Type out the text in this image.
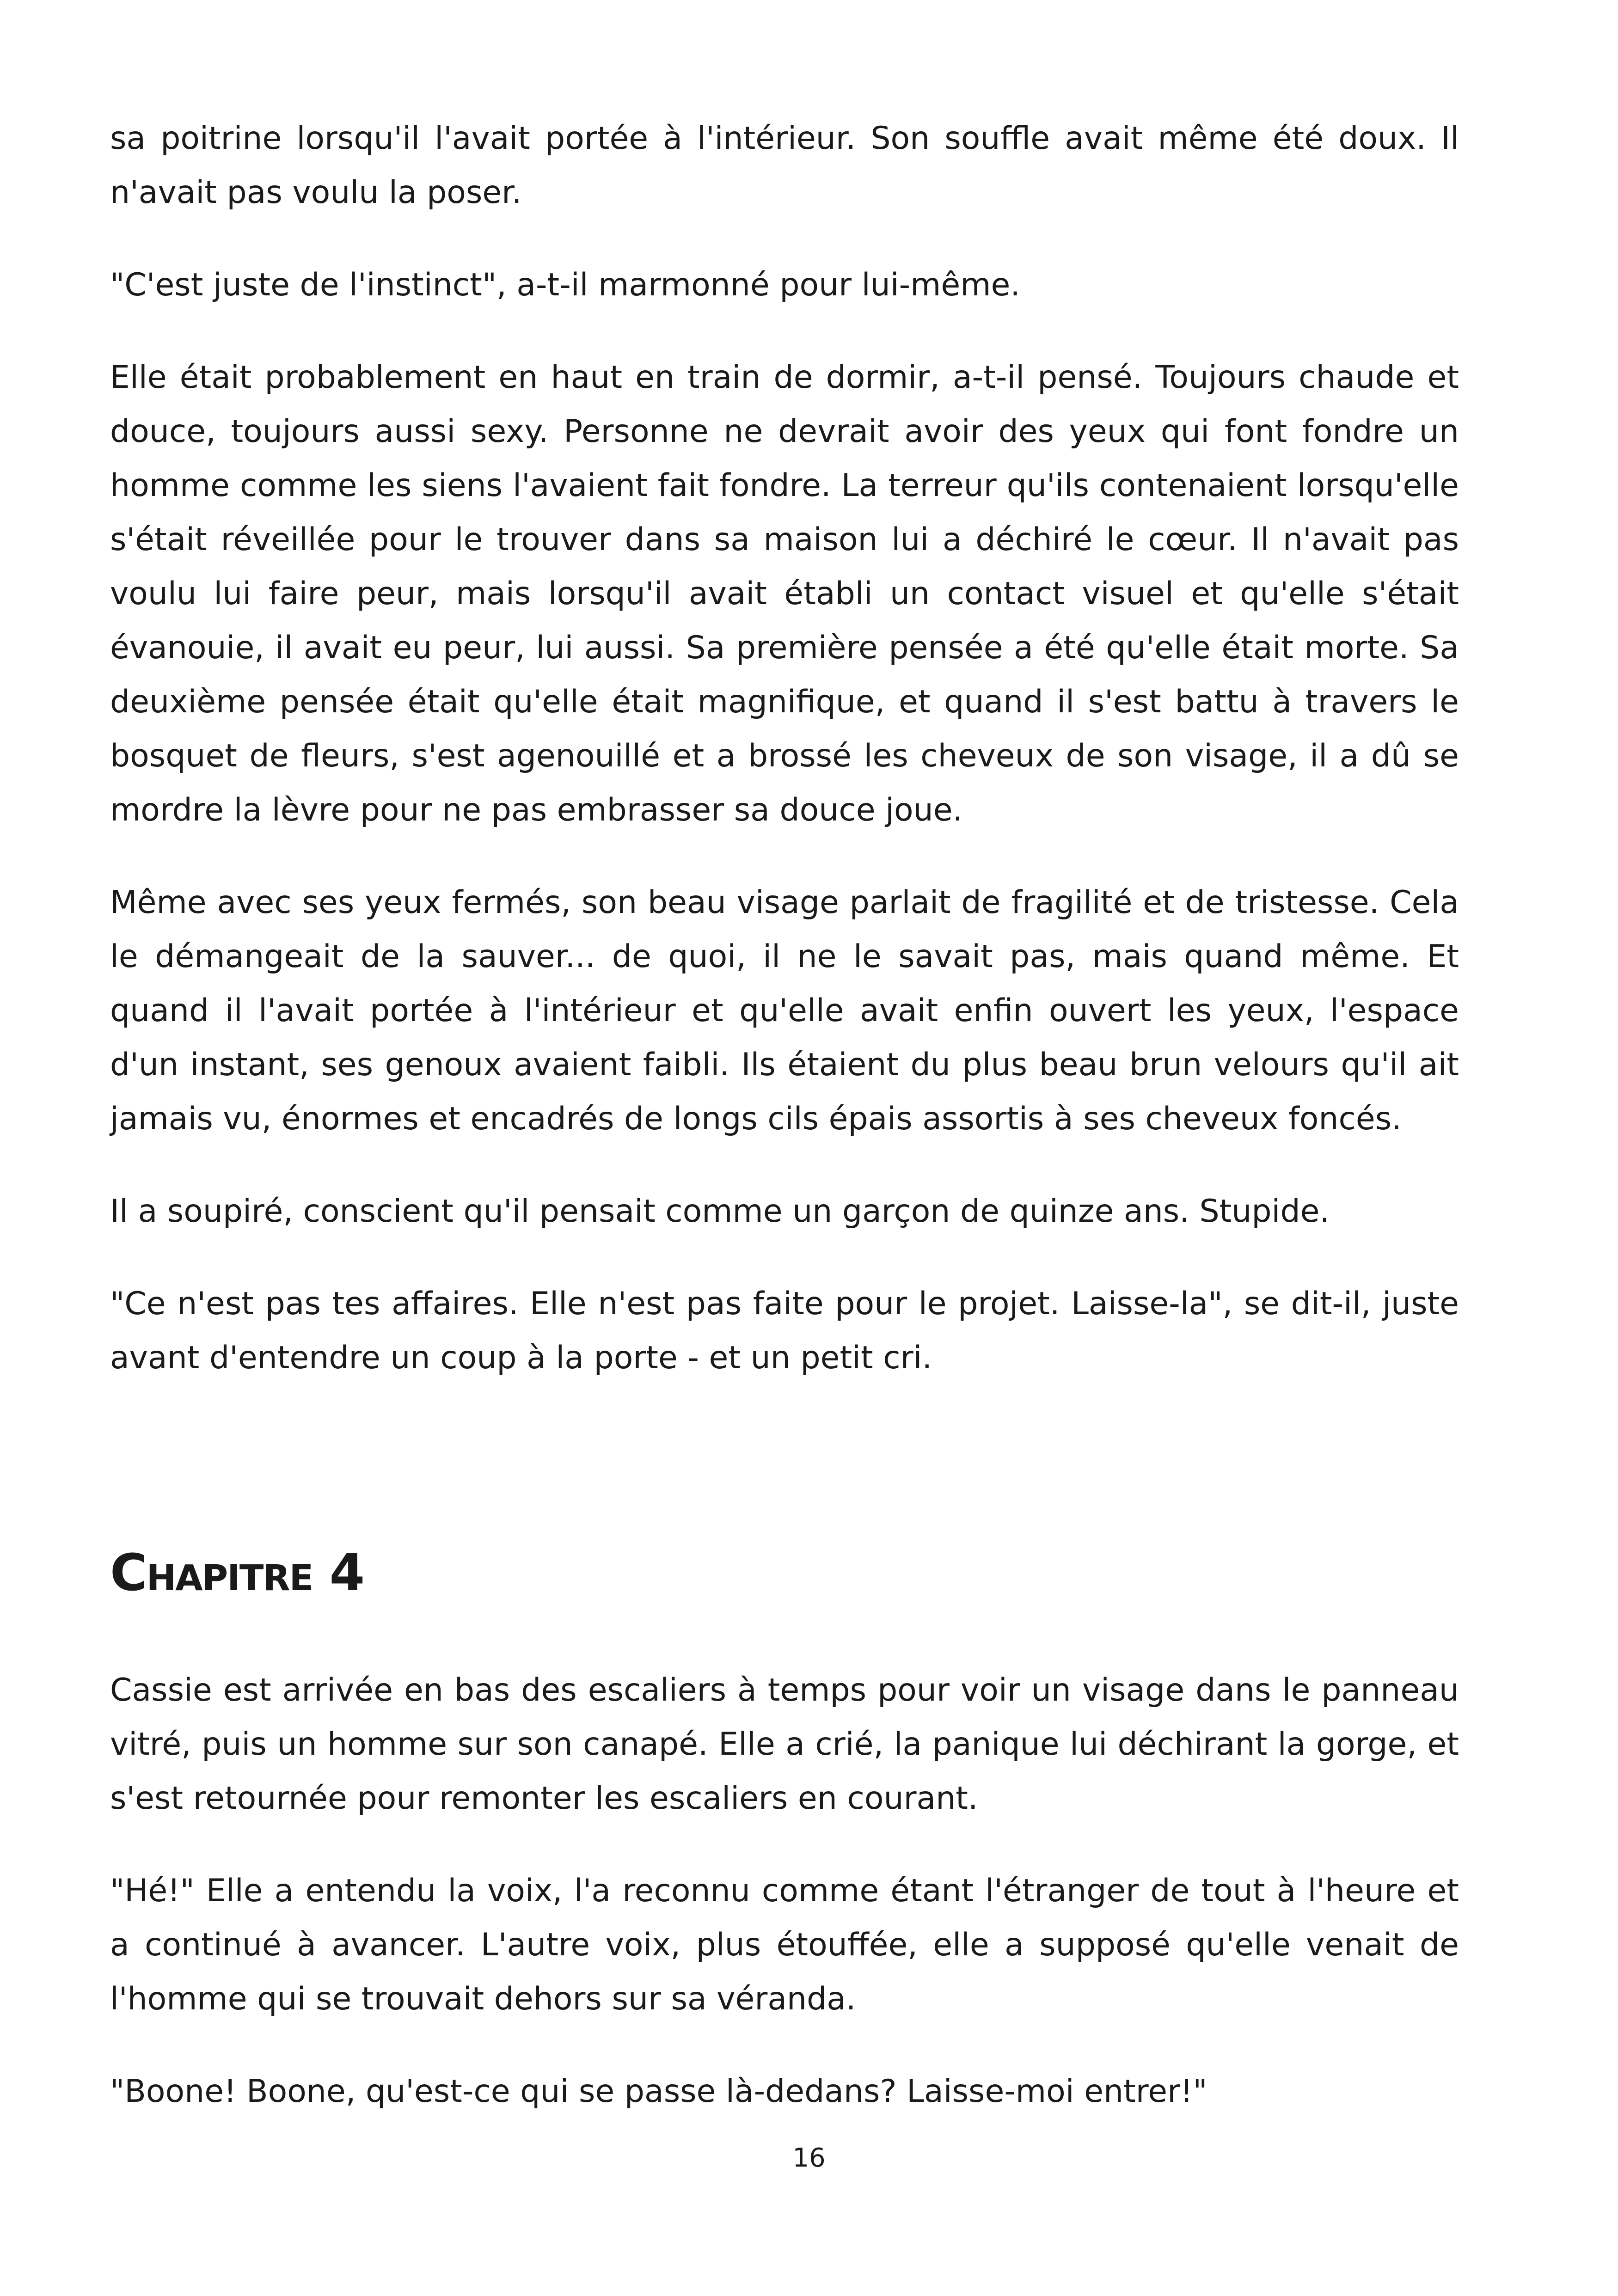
sa poitrine lorsqu'il l'avait portée à l'intérieur. Son souffle avait même été doux. Il n'avait pas voulu la poser.

"C'est juste de l'instinct", a-t-il marmonné pour lui-même.

Elle était probablement en haut en train de dormir, a-t-il pensé. Toujours chaude et douce, toujours aussi sexy. Personne ne devrait avoir des yeux qui font fondre un homme comme les siens l'avaient fait fondre. La terreur qu'ils contenaient lorsqu'elle s'était réveillée pour le trouver dans sa maison lui a déchiré le cœur. Il n'avait pas voulu lui faire peur, mais lorsqu'il avait établi un contact visuel et qu'elle s'était évanouie, il avait eu peur, lui aussi. Sa première pensée a été qu'elle était morte. Sa deuxième pensée était qu'elle était magnifique, et quand il s'est battu à travers le bosquet de fleurs, s'est agenouillé et a brossé les cheveux de son visage, il a dû se mordre la lèvre pour ne pas embrasser sa douce joue.

Même avec ses yeux fermés, son beau visage parlait de fragilité et de tristesse. Cela le démangeait de la sauver... de quoi, il ne le savait pas, mais quand même. Et quand il l'avait portée à l'intérieur et qu'elle avait enfin ouvert les yeux, l'espace d'un instant, ses genoux avaient faibli. Ils étaient du plus beau brun velours qu'il ait jamais vu, énormes et encadrés de longs cils épais assortis à ses cheveux foncés.

Il a soupiré, conscient qu'il pensait comme un garçon de quinze ans. Stupide.

"Ce n'est pas tes affaires. Elle n'est pas faite pour le projet. Laisse-la", se dit-il, juste avant d'entendre un coup à la porte - et un petit cri.

Chapitre 4

Cassie est arrivée en bas des escaliers à temps pour voir un visage dans le panneau vitré, puis un homme sur son canapé. Elle a crié, la panique lui déchirant la gorge, et s'est retournée pour remonter les escaliers en courant.

"Hé!" Elle a entendu la voix, l'a reconnu comme étant l'étranger de tout à l'heure et a continué à avancer. L'autre voix, plus étouffée, elle a supposé qu'elle venait de l'homme qui se trouvait dehors sur sa véranda.

"Boone! Boone, qu'est-ce qui se passe là-dedans? Laisse-moi entrer!"

16
